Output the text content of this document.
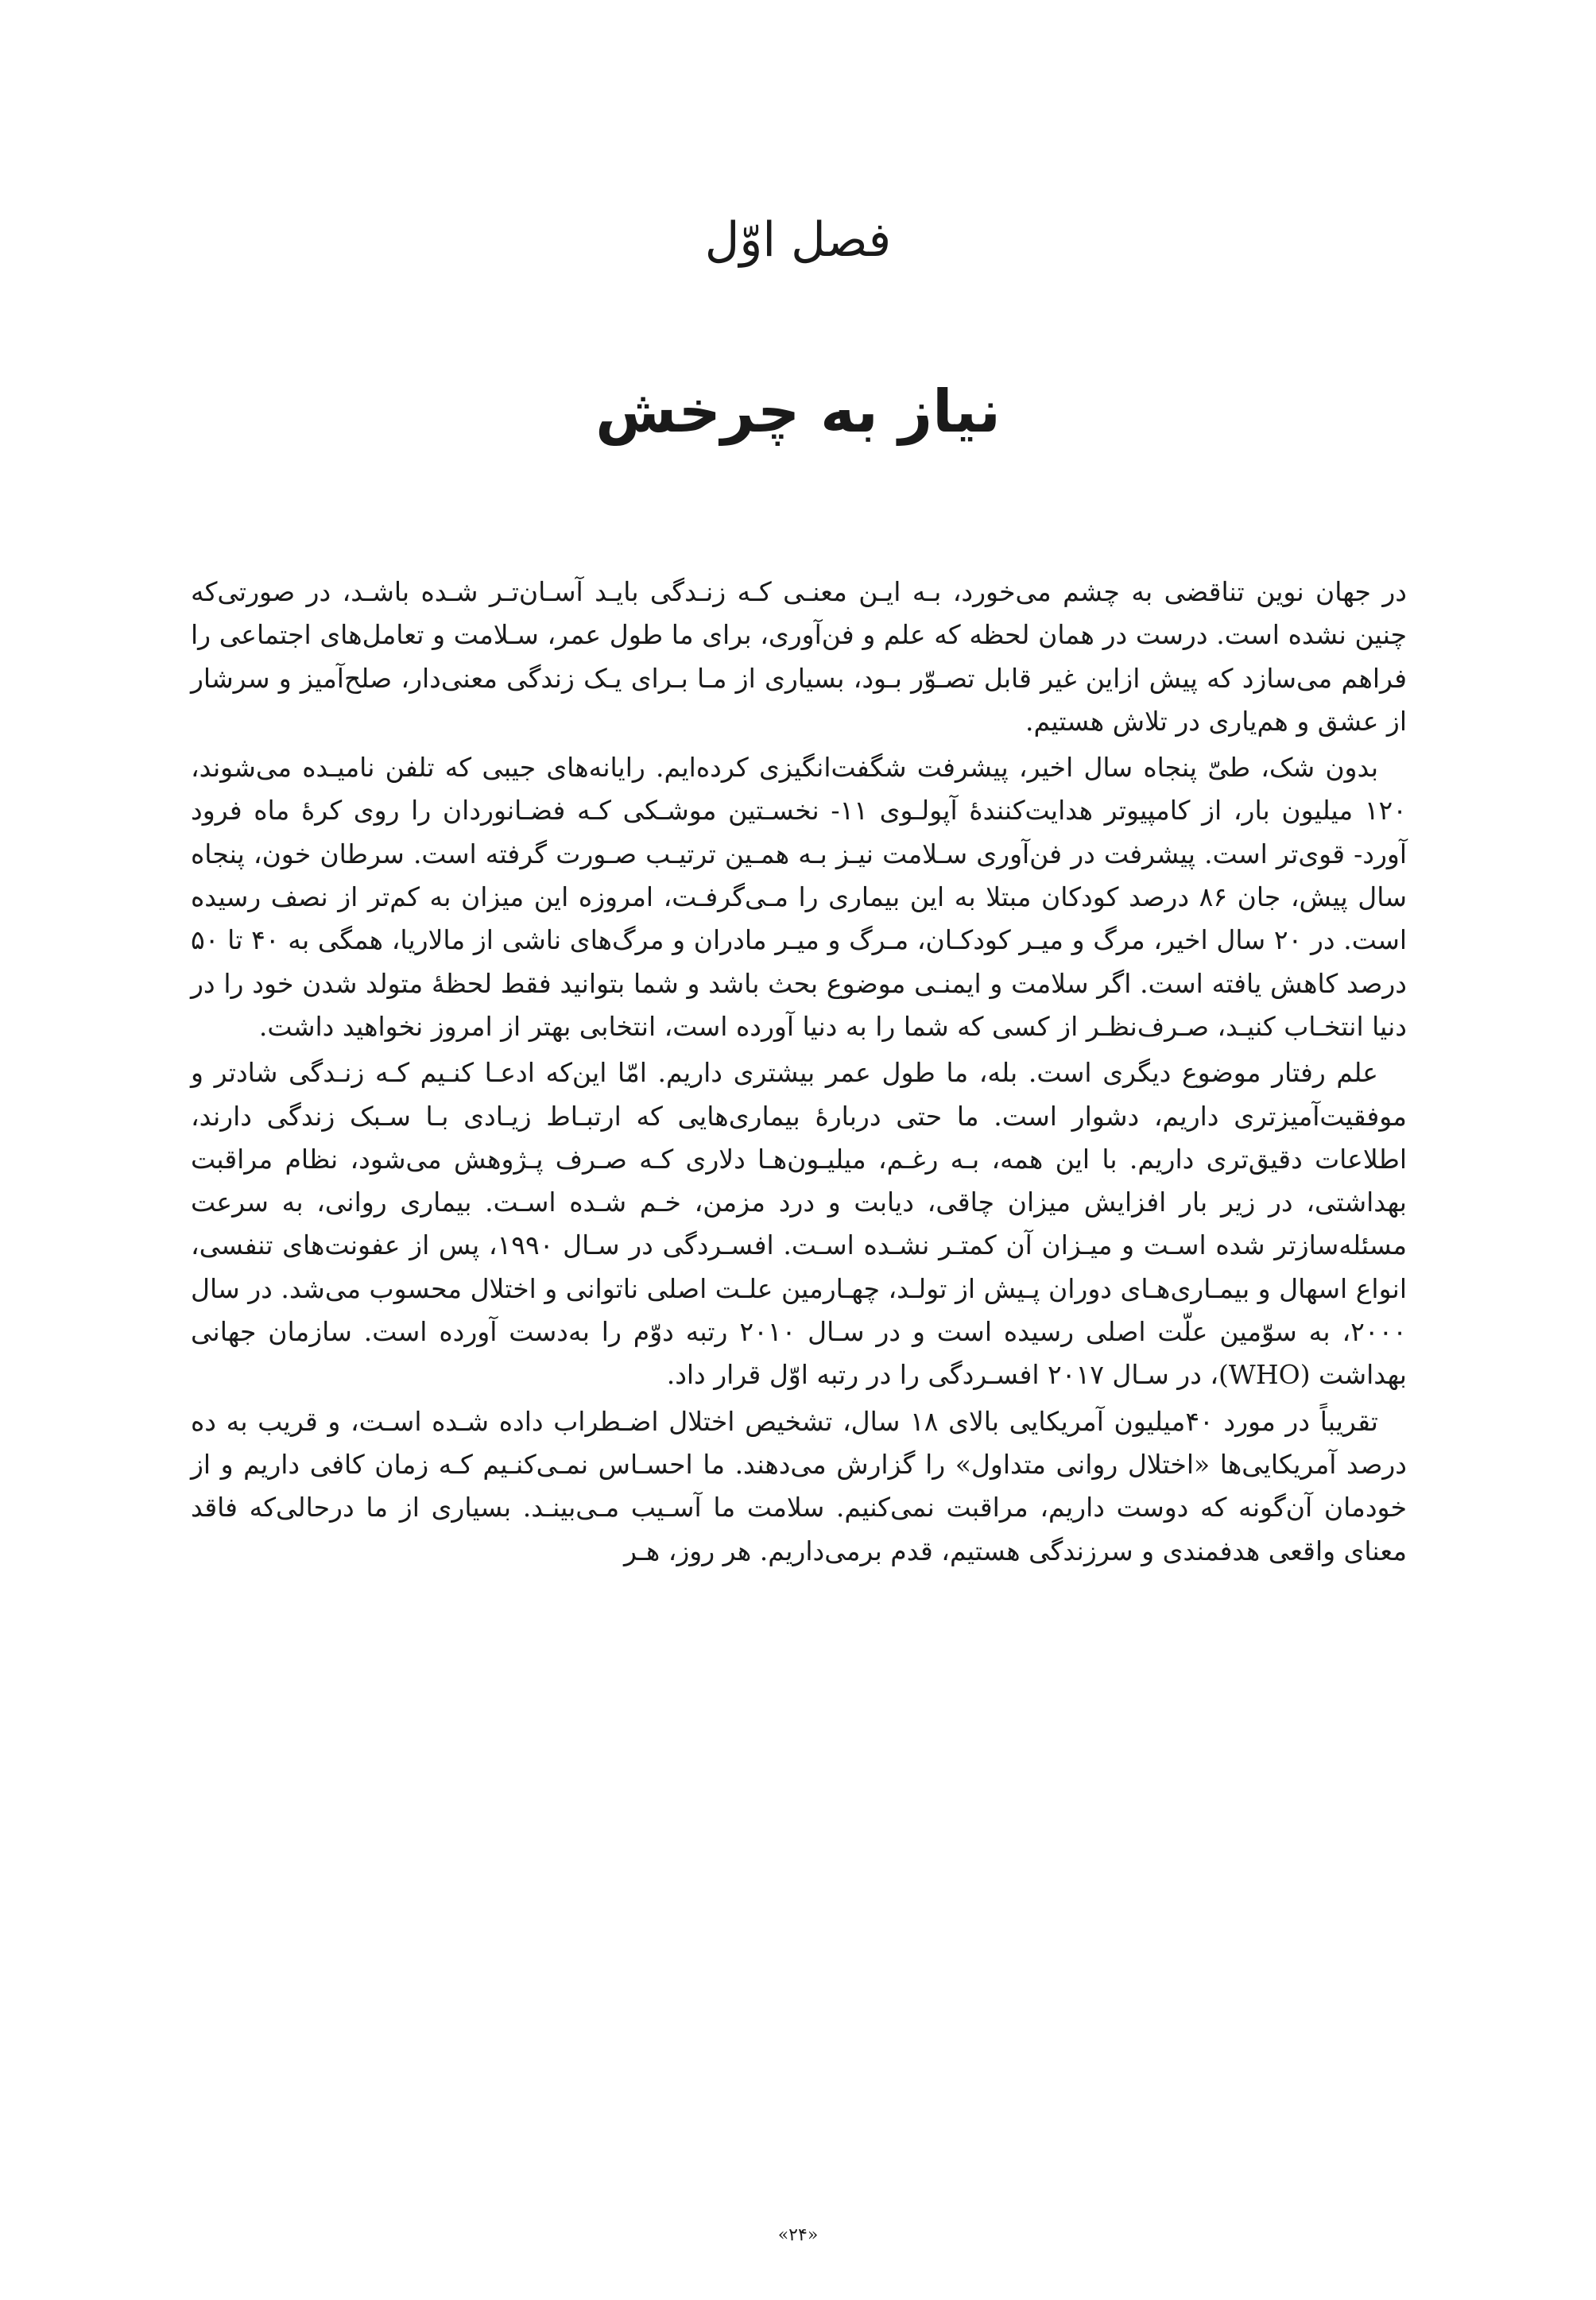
فصل اوّل
نیاز به چرخش

در جهان نوین تناقضی به چشم می‌خورد، بـه ایـن معنـی کـه زنـدگی بایـد آسـان‌تـر شـده باشـد، در صورتی‌که چنین نشده است. درست در همان لحظه که علم و فن‌آوری، برای ما طول عمر، سـلامت و تعامل‌های اجتماعی را فراهم می‌سازد که پیش ازاین غیر قابل تصـوّر بـود، بسیاری از مـا بـرای یـک زندگی معنی‌دار، صلح‌آمیز و سرشار از عشق و هم‌یاری در تلاش هستیم.

بدون شک، طیّ پنجاه سال اخیر، پیشرفت شگفت‌انگیزی کرده‌ایم. رایانه‌های جیبی که تلفن نامیـده می‌شوند، ۱۲۰ میلیون بار، از کامپیوتر هدایت‌کنندۀ آپولـوی ۱۱- نخسـتین موشـکی کـه فضـانوردان را روی کرۀ ماه فرود آورد- قوی‌تر است. پیشرفت در فن‌آوری سـلامت نیـز بـه همـین ترتیـب صـورت گرفته است. سرطان خون، پنجاه سال پیش، جان ۸۶ درصد کودکان مبتلا به این بیماری را مـی‌گرفـت، امروزه این میزان به کم‌تر از نصف رسیده است. در ۲۰ سال اخیر، مرگ و میـر کودکـان، مـرگ و میـر مادران و مرگ‌های ناشی از مالاریا، همگی به ۴۰ تا ۵۰ درصد کاهش یافته است. اگر سلامت و ایمنـی موضوع بحث باشد و شما بتوانید فقط لحظۀ متولد شدن خود را در دنیا انتخـاب کنیـد، صـرف‌نظـر از کسی که شما را به دنیا آورده است، انتخابی بهتر از امروز نخواهید داشت.

علم رفتار موضوع دیگری است. بله، ما طول عمر بیشتری داریم. امّا این‌که ادعـا کنـیم کـه زنـدگی شادتر و موفقیت‌آمیزتری داریم، دشوار است. ما حتی دربارۀ بیماری‌هایی که ارتبـاط زیـادی بـا سـبک زندگی دارند، اطلاعات دقیق‌تری داریم. با این همه، بـه رغـم، میلیـون‌هـا دلاری کـه صـرف پـژوهش می‌شود، نظام مراقبت بهداشتی، در زیر بار افزایش میزان چاقی، دیابت و درد مزمن، خـم شـده اسـت. بیماری روانی، به سرعت مسئله‌سازتر شده اسـت و میـزان آن کمتـر نشـده اسـت. افسـردگی در سـال ۱۹۹۰، پس از عفونت‌های تنفسی، انواع اسهال و بیمـاری‌هـای دوران پـیش از تولـد، چهـارمین علـت اصلی ناتوانی و اختلال محسوب می‌شد. در سال ۲۰۰۰، به سوّمین علّت اصلی رسیده است و در سـال ۲۰۱۰ رتبه دوّم را به‌دست آورده است. سازمان جهانی بهداشت (WHO)، در سـال ۲۰۱۷ افسـردگی را در رتبه اوّل قرار داد.

تقریباً در مورد ۴۰میلیون آمریکایی بالای ۱۸ سال، تشخیص اختلال اضـطراب داده شـده اسـت، و قریب به ده درصد آمریکایی‌ها «اختلال روانی متداول» را گزارش می‌دهند. ما احسـاس نمـی‌کنـیم کـه زمان کافی داریم و از خودمان آن‌گونه که دوست داریم، مراقبت نمی‌کنیم. سلامت ما آسـیب مـی‌بینـد. بسیاری از ما درحالی‌که فاقد معنای واقعی هدفمندی و سرزندگی هستیم، قدم برمی‌داریم. هر روز، هـر

«۲۴»
